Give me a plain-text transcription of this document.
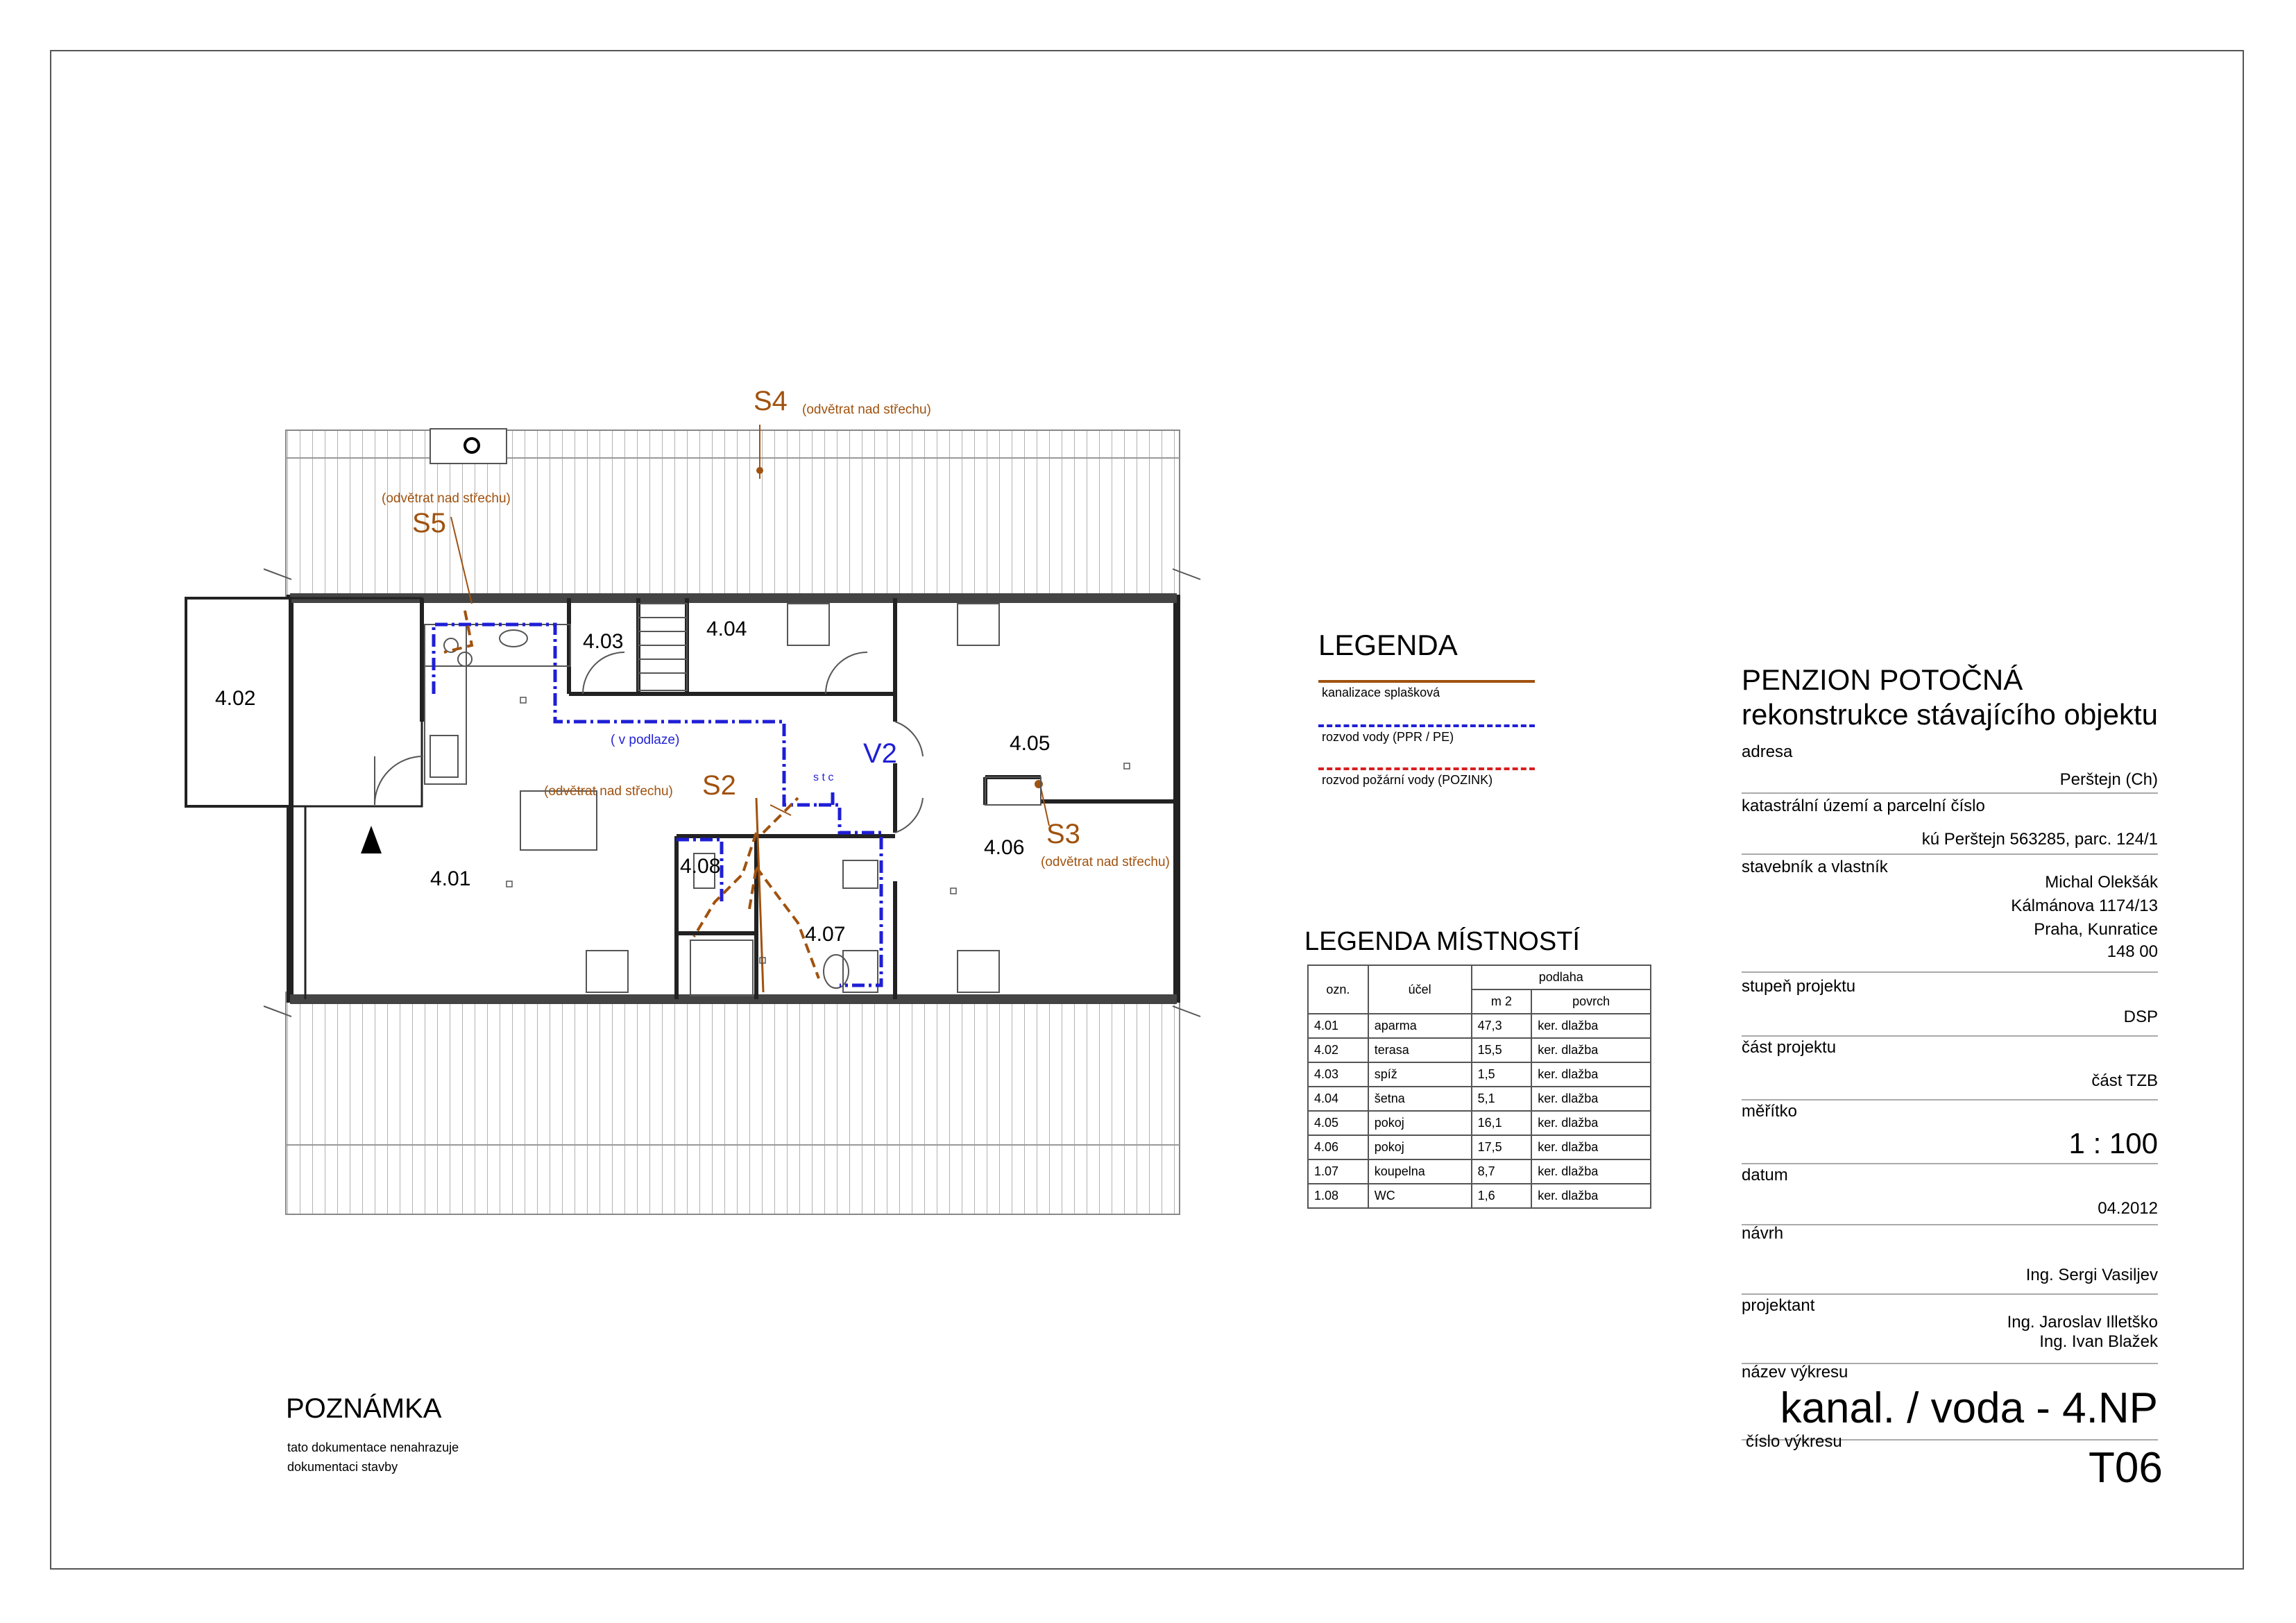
4.02
4.01
4.03
4.04
4.05
4.06
4.07
4.08
S4 (odvětrat nad střechu)
(odvětrat nad střechu)
S5
(odvětrat nad střechu) S2
S3
(odvětrat nad střechu)
V2
s t c
( v podlaze)
LEGENDA
kanalizace splašková
rozvod vody (PPR / PE)
rozvod požární vody (POZINK)
LEGENDA MÍSTNOSTÍ
ozn.	účel	podlaha	
		m 2	povrch
4.01	aparma	47,3	ker. dlažba
4.02	terasa	15,5	ker. dlažba
4.03	spíž	1,5	ker. dlažba
4.04	šetna	5,1	ker. dlažba
4.05	pokoj	16,1	ker. dlažba
4.06	pokoj	17,5	ker. dlažba
1.07	koupelna	8,7	ker. dlažba
1.08	WC	1,6	ker. dlažba
PENZION POTOČNÁ
rekonstrukce stávajícího objektu
adresa
Perštejn (Ch)
katastrální území a parcelní číslo
kú Perštejn 563285, parc. 124/1
stavebník a vlastník
Michal Olekšák
Kálmánova 1174/13
Praha, Kunratice
148 00
stupeň projektu
DSP
část projektu
část TZB
měřítko
1 : 100
datum
04.2012
návrh
Ing. Sergi Vasiljev
projektant
Ing. Jaroslav Illetško
Ing. Ivan Blažek
název výkresu
kanal. / voda - 4.NP
číslo výkresu
T06
POZNÁMKA
tato dokumentace nenahrazuje
dokumentaci stavby
